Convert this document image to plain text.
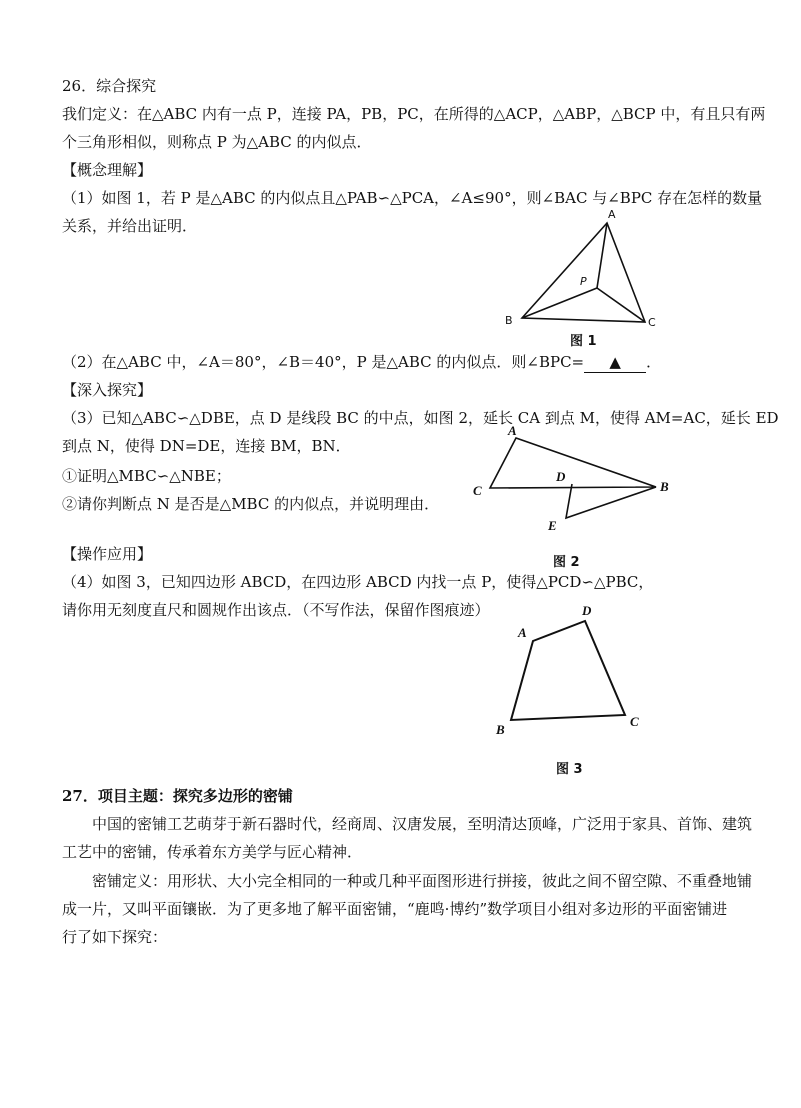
26．综合探究
我们定义：在△ABC 内有一点 P，连接 PA，PB，PC，在所得的△ACP，△ABP，△BCP 中，有且只有两
个三角形相似，则称点 P 为△ABC 的内似点．
【概念理解】
（1）如图 1，若 P 是△ABC 的内似点且△PAB∽△PCA，∠A≤90°，则∠BAC 与∠BPC 存在怎样的数量
关系，并给出证明．
A
B	C
P
图 1
（2）在△ABC 中，∠A＝80°，∠B＝40°，P 是△ABC 的内似点．则∠BPC= ▲ ．
【深入探究】
（3）已知△ABC∽△DBE，点 D 是线段 BC 的中点，如图 2，延长 CA 到点 M，使得 AM=AC，延长 ED
到点 N，使得 DN=DE，连接 BM，BN．
①证明△MBC∽△NBE；
②请你判断点 N 是否是△MBC 的内似点，并说明理由．
A
B
C
D
E
图 2
【操作应用】
（4）如图 3，已知四边形 ABCD，在四边形 ABCD 内找一点 P，使得△PCD∽△PBC，
请你用无刻度直尺和圆规作出该点．（不写作法，保留作图痕迹）
A
B
C
D
图 3
27．项目主题：探究多边形的密铺
中国的密铺工艺萌芽于新石器时代，经商周、汉唐发展，至明清达顶峰，广泛用于家具、首饰、建筑
工艺中的密铺，传承着东方美学与匠心精神．
密铺定义：用形状、大小完全相同的一种或几种平面图形进行拼接，彼此之间不留空隙、不重叠地铺
成一片，又叫平面镶嵌．为了更多地了解平面密铺，“鹿鸣·博约”数学项目小组对多边形的平面密铺进
行了如下探究：
